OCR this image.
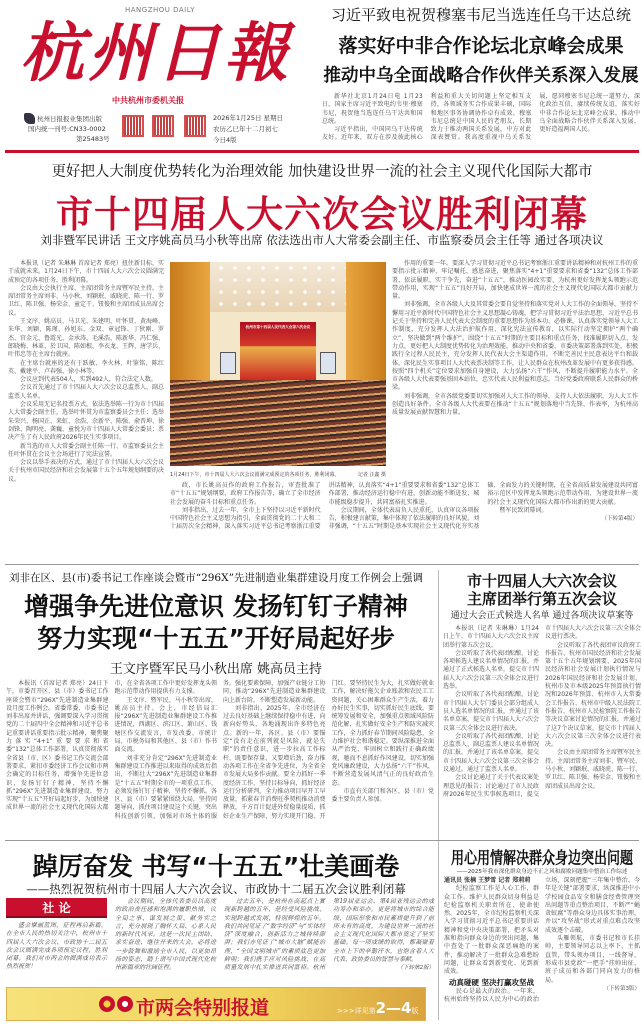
HANGZHOU DAILY
杭州日報
中共杭州市委机关报
杭州日报报业集团出版
国内统一刊号:CN33-0002
第25483号
2026年1月25日 星期日
农历乙巳年十二月初七
今日4版
习近平致电祝贺穆塞韦尼当选连任乌干达总统
落实好中非合作论坛北京峰会成果
推动中乌全面战略合作伙伴关系深入发展

新华社北京1月24日电 1月23日，国家主席习近平致电约韦里·穆塞韦尼，祝贺他当选连任乌干达共和国总统。

习近平指出，中国同乌干达传统友好。近年来，双方在涉及彼此核心利益和重大关切问题上坚定相互支持，各领域务实合作成果丰硕，国际和地区事务协调协作卓有成效。穆塞韦尼总统是中国人民的老朋友，长期致力于推动两国关系发展，中方对此深表赞赏。我高度重视中乌关系发展，愿同穆塞韦尼总统一道努力，深化政治互信，赓续传统友谊，落实好中非合作论坛北京峰会成果，推动中乌全面战略合作伙伴关系深入发展，更好造福两国人民。

更好把人大制度优势转化为治理效能 加快建设世界一流的社会主义现代化国际大都市
市十四届人大六次会议胜利闭幕
刘非暨军民讲话 王文序姚高员马小秋等出席 依法选出市人大常委会副主任、市监察委员会主任等 通过各项决议

本报讯（记者 朱琳琳 首席记者 郑亮）扭住新目标，实干成就未来。1月24日下午，市十四届人大六次会议圆满完成预定的各项任务，胜利闭幕。

会议由大会执行主席、主席团常务主席暨军民主持。主席团常务主席刘非、马小秋、刘颖珉、戚晓虎、陈一行、罗卫红、陈卫强、杨荣金、童定干、钮俊和主席团成员出席会议。

王文序、姚高员、马卫光、朱建明、叶怀贯、黄海峰、朱华、刘颖、陈瑾、孙旭东、金双、章冠锋、丁狄刚、罗杰、官金元、鲁霞光、金承涛、毛溪浩、陈新华、冯仁强、郎晓梅、林革、於卫国、陈如根、李衣龙、王辉、唐学兵、叶伟忠等在主席台就座。

在主席台就座的还有于跃敏、李火林、叶鉴铭、陈红英、戴建平、卢春强、徐小林等。

会议应到代表504人，实到492人，符合法定人数。

会议首先通过了市十四届人大六次会议总监票人、副总监票人名单。

会议采用无记名投票方式，依法选举陈一行为市十四届人大常委会副主任，选举叶怀贯为市监察委员会主任；选举朱荣兴、杨国正、来虹、余浩、余新平、陈强、俞晋坤、徐剑锋、陶明亮、龚巍、童悦为市十四届人大常委会委员；票决产生了有人民政府2026年民生实事项目。

新当选的市人大常委会副主任陈一行、市监察委员会主任叶怀贯在会议主会场进行了宪法宣誓。

会议以举手表决的方式，通过了市十四届人大六次会议关于杭州市国民经济和社会发展第十五个五年规划纲要的决议。

杭州市第十四届人民代表大会第六次会议
1月24日下午，市十四届人大六次会议圆满完成预定的各项任务，胜利闭幕。	记者 汪鑫 摄

作用的重要一年。要深入学习贯彻习近平总书记考察浙江重要讲话精神和对杭州工作的重要指示批示精神，牢记嘱托、感恩奋进，聚焦落实“4+1”重要要求和省委“132”总体工作部署，依法履职、实干争先，奋进“十五五”，推动医园改实要，为杭州更好发挥龙头领跑示范带动作用，实现“十五五”良好开局，加快建成世界一流的社会主义现代化国际大都市贡献力量。

刘非强调，全市各级人大及其常委会要自觉坚持和落实党对人大工作的全面领导，坚持不懈用习近平新时代中国特色社会主义思想凝心铸魂，把学习贯彻习近平法治思想、习近平总书记关于坚持和完善人民代表大会制度的重要思想作为基本功、必修课，认真落实党领导人大工作制度，充分发挥人大法治护航作用，深化宪法宣传教育，以实际行动坚定拥护“两个确立”、坚决做到“两个维护”。围绕“十五五”时期的主要目标和重点任务，找准履职切入点、发力点，更好把人大制度优势转化为治理效能，推动中央和省委、市委决策部署落到实处。积极践行全过程人民民主，充分发挥人民代表大会主渠道作用，不断完善民主民意表达平台和载体，深化民生实事项目人大代表票决制等工作，让人民群众在杭州改革发展中有更多获得感。按照“四个机关”定位要求加强自身建设，大力弘扬“六干”作风，不断提升履职能力水平。全市各级人大代表要强基固本站位，忠实代表人民利益和意志，当好党委政府联系人民群众的桥梁。

刘非强调，全市各级党委要切实加强对人大工作的领导，支持人大依法履职，为人大工作创造良好条件。全市各级人大代表要在推动“十五五”规划落地中当先锋、作表率，为杭州高质量发展贡献智慧和力量。

政，市长姚高员作的政府工作报告，审查批准了市“十五五”规划纲要，政府工作报告等，确立了全市经济社会发展的奋斗目标和重点任务。

刘非指出，过去一年，全市上下坚持以习近平新时代中国特色社会主义思想为指引，全面贯彻党的二十大和二十届历次全会精神，深入落实习近平总书记考察浙江重要讲话精神，认真落实“4+1”重要要求和省委“132”总体工作部署，推动经济运行稳中有进，创新动能不断迸发，城市能级稳步提升，共同富裕扎实推进。

会议期间，全体代表肩负人民重托，认真审议各项报告，积极建言献策，集中体现了依法履职的良好风貌。刘非强调，“十五五”时期是基本实现社会主义现代化夯实基础、全面发力的关键时期，在全省高质量发展建设共同富裕示范区中发挥龙头领跑示范带动作用，为建设世界一流的社会主义现代化国际大都市作出新的更大贡献。

暨军民致闭幕词。

（下转第4版）
刘非在区、县(市)委书记工作座谈会暨市“296X”先进制造业集群建设月度工作例会上强调
增强争先进位意识 发扬钉钉子精神
努力实现“十五五”开好局起好步
王文序暨军民马小秋出席 姚高员主持

本报讯（首席记者 郑亮）24日下午，市委召开区、县（市）委书记工作座谈会暨市“296X”先进制造业集群建设月度工作例会。省委常委、市委书记刘非出席并讲话，强调要深入学习贯彻党的二十届四中全会精神和习近平总书记重要讲话重要指示批示精神，聚焦聚力落实“4+1”重要要求和省委“132”总体工作部署，认真贯彻落实全省县（市、区）委书记工作交流会部署要求，紧扣市委经济工作会议和市两会确定的目标任务，增强争先进位意识，发扬钉钉子精神，坚持不懈抓“296X”先进制造业集群建设，努力实现“十五五”开好局起好步，为加快建成世界一流的社会主义现代化国际大都市，在全省各项工作中更好发挥龙头领跑示范带动作用提供有力支撑。

王文序、暨军民、马小秋等出席，姚高员主持。会上，市经信局汇报“296X”先进制造业集群建设工作推进情况，西湖区、滨江区、萧山区、钱塘区作交流发言，市发改委、市统计局、市税务局和其他区、县（市）作书面交流。

刘非充分肯定“296X”先进制造业集群建设工作推进以来取得的成效后指出，不断壮大“296X”先进制造业集群是“十五五”时期全市的一项重点工作，必须发扬钉钉子精神，坚持不懈抓。各区、县（市）要紧紧围绕大局，坚持问题导向，抓住项目建设这个关键，突出科技创新引领，加强对市场主体的服务，强化要素保障，加强产业链分工协同，推动“296X”先进制造业集群建设向上新台阶，不断塑造发展新动能。

刘非指出，2025年，全市经济在过去良好基础上继续保持稳中有进，向新向好势头，各地涌现出许多特色亮点。新的一年，各区、县（市）要锚定“没有走在前列就是风险，就是失职”的责任意识，进一步拉高工作标杆，既要保存量，又要增后劲，奋力推动各项工作在全省争先进位，为全省全市发展大局多作贡献。要全力抓好一季度经济工作，坚持目标导向，抓好经济运行分析研判，全力推动项目早开工早放量，抓紧春节消费旺季契机推动消费释放，千方百计促进外贸稳量提质，抓好企业生产保障，努力实现开门稳、开门红。要坚持民生为大，扎实做好就业工作，解决好拖欠企业账款和农民工工资问题，关心困难群众生产生活，着力办好民生实事，切实抓好民生底线。要统筹发展和安全，加强重点领域风险防范化解，扎实做好安全生产和防灾减灾工作，全力抓好春节期间风险隐患，全力维护社会和谐稳定。要纵深推进全面从严治党，牢固树立和践行正确政绩观，驰而不息抓好作风建设，切实加强党风廉政建设，大力弘扬“六干”作风，不断营造发展风清气正的良好政治生态。

市直有关部门和各区、县（市）党委主要负责人参加。

市十四届人大六次会议主席团举行第五次会议
通过大会正式候选人名单 通过各项决议草案等

本报讯（记者 朱琳琳）1月24日上午，市十四届人大六次会议主席团举行第五次会议。

会议听取了各代表团酝酿、讨论各项候选人建议名单情况的汇报，并通过了正式候选人名单，提交市十四届人大六次会议第三次全体会议进行选举。

会议听取了各代表团酝酿、讨论市十四届人大专门委员会部分组成人员人选名单情况的汇报，并通过了该名单草案，提交市十四届人大六次会议第三次全体会议进行表决。

会议听取了各代表团酝酿、讨论总监票人、副总监票人建议名单情况的汇报，并通过了该名单草案，提交市十四届人大六次会议第三次全体会议通过。通过了监票人名单。

会议讨论通过了关于代表议案处理意见的报告；讨论通过了市人民政府2026年民生实事候选项目，提交市十四届人大六次会议第三次全体会议进行票决。

会议听取了各代表团审议政府工作报告、杭州市国民经济和社会发展第十五个五年规划纲要、2025年国民经济和社会发展计划执行情况与2026年国民经济和社会发展计划、杭州市及市本级2025年预算执行情况和2026年预算、杭州市人大常委会工作报告、杭州市中级人民法院工作报告、杭州市人民检察院工作报告等决议草案讨论情况的汇报，并通过了这7个决议草案，提交市十四届人大六次会议第三次全体会议进行表决。

会议由主席团常务主席暨军民主持。主席团常务主席刘非、暨军民、马小秋、刘颖珉、戚晓虎、陈一行、罗卫红、陈卫强、杨荣金、钮俊和主席团成员出席会议。

踔厉奋发 书写“十五五”壮美画卷
——热烈祝贺杭州市十四届人大六次会议、市政协十二届五次会议胜利闭幕
社 论

盛会擘画蓝图，征程再启新篇。在全市人民的热切关注中，杭州市十四届人大六次会议、市政协十二届五次会议圆满完成各项预定议程，胜利闭幕。我们对市两会的圆满成功表示热烈祝贺！

会议期间，全体代表委员以高度的政治责任感和饱满的履职热情，议全局之事、谋发展之策、献务实之言，充分展现了胸怀大局、心系人民的新时代风采。这是一次民主团结、求实奋进、继往开来的大会，必将进一步鼓舞和激励全市人民，以更加昂扬的姿态，踏上谱写中国式现代化杭州新篇章的壮阔征程。

过去五年，是杭州在高起点上實现新跨越的五年，是经受风险挑战、实现跨越式发展、特别辉煌的五年。我们共同见证了“数字经济”与“实体经济”深度融合，创新活力之城持续澎湃；我们亦见证了“城市大脑”赋能治理，“全国文明城市”的素质底色更加鲜明；我们携手应对风险挑战，在高质量发展中扎实推进共同富裕。杭州第19届亚运会、第4届亚残运会的成功筹办和举办，更是将城市的综合能级、国际形象和市民素质提升到了前所未有的高度，为建设世界一流的社会主义现代化国际大都市奠定了坚实基础。每一项成绩的取得，都凝聚着全市上下的辛勤汗水，也饱含着人大代表、政协委员的智慧与奉献。

（下转第2版）
市两会特别报道	>>>详见第2—4版
用心用情解决群众身边突出问题
——2025年我市深化群众身边不正之风和腐败问题集中整治工作综述
通讯员 张楠 王梦雪 记者 郑莉莉

纪检监察工作是人心工作，群众工作。维护人民群众切身利益是纪检监察机关职责所在、使命使然。2025年，全市纪检监察机关深入学习贯彻习近平总书记重要讲话精神和党中央决策部署，把矛头对准和指向群众身边的突出问题，集中查处了一批群众深恶痛绝的案件，推动解决了一批群众急难愁盼问题，让群众看到新变化、见到新成效。

动真碰硬 坚决打赢攻坚战

民心是最大的政治。一年来，杭州始终坚持以人民为中心的政治立场，深刻把握“三年集中整治、今年是关键”部署要求，纵深推进中小学校园食品安全和膳食经费管理突出问题等重点整治项目，不断严“蝇贪蚁腐”等群众身边具体实事治理，并以“攻坚战”形式对重点难点攻坚成效逐个击破。

头雁领航，市委书记和市长挂帅，主要领导同志以上率下，主抓直管，带头领办项目，一线督导，形成市县党政“一把手”挂帅出征、班子成员和各部门同向发力的格局。

（下转第3版）
